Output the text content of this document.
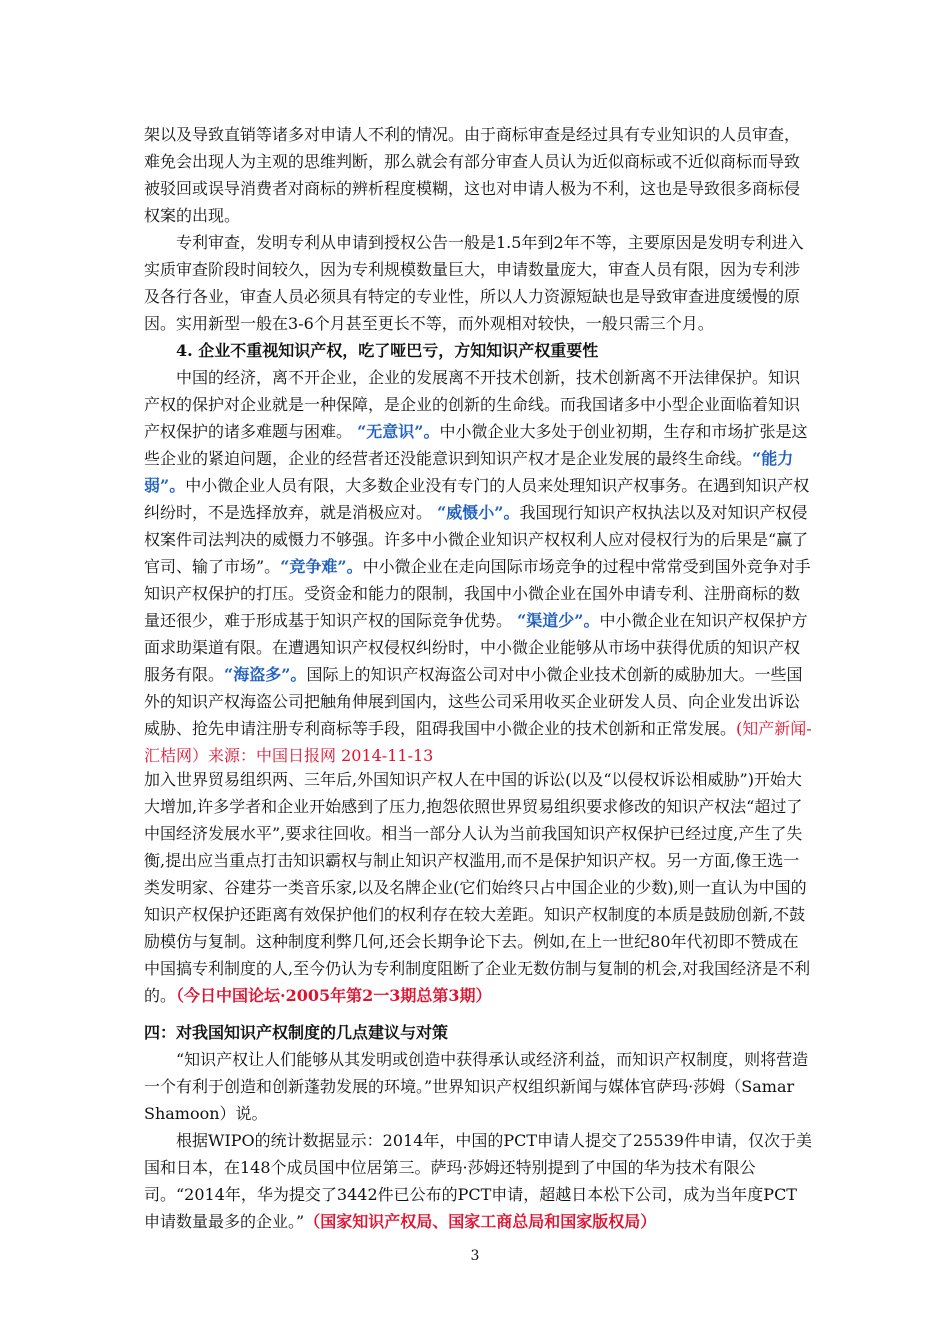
架以及导致直销等诸多对申请人不利的情况。由于商标审查是经过具有专业知识的人员审查，难免会出现人为主观的思维判断，那么就会有部分审查人员认为近似商标或不近似商标而导致被驳回或误导消费者对商标的辨析程度模糊，这也对申请人极为不利，这也是导致很多商标侵权案的出现。

专利审查，发明专利从申请到授权公告一般是1.5年到2年不等，主要原因是发明专利进入实质审查阶段时间较久，因为专利规模数量巨大，申请数量庞大，审查人员有限，因为专利涉及各行各业，审查人员必须具有特定的专业性，所以人力资源短缺也是导致审查进度缓慢的原因。实用新型一般在3-6个月甚至更长不等，而外观相对较快，一般只需三个月。

4. 企业不重视知识产权，吃了哑巴亏，方知知识产权重要性

中国的经济，离不开企业，企业的发展离不开技术创新，技术创新离不开法律保护。知识产权的保护对企业就是一种保障，是企业的创新的生命线。而我国诸多中小型企业面临着知识产权保护的诸多难题与困难。 “无意识”。中小微企业大多处于创业初期，生存和市场扩张是这些企业的紧迫问题，企业的经营者还没能意识到知识产权才是企业发展的最终生命线。“能力弱”。中小微企业人员有限，大多数企业没有专门的人员来处理知识产权事务。在遇到知识产权纠纷时，不是选择放弃，就是消极应对。 “威慑小”。我国现行知识产权执法以及对知识产权侵权案件司法判决的威慑力不够强。许多中小微企业知识产权权利人应对侵权行为的后果是“赢了官司、输了市场”。“竞争难”。中小微企业在走向国际市场竞争的过程中常常受到国外竞争对手知识产权保护的打压。受资金和能力的限制，我国中小微企业在国外申请专利、注册商标的数量还很少，难于形成基于知识产权的国际竞争优势。 “渠道少”。中小微企业在知识产权保护方面求助渠道有限。在遭遇知识产权侵权纠纷时，中小微企业能够从市场中获得优质的知识产权服务有限。“海盗多”。国际上的知识产权海盗公司对中小微企业技术创新的威胁加大。一些国外的知识产权海盗公司把触角伸展到国内，这些公司采用收买企业研发人员、向企业发出诉讼威胁、抢先申请注册专利商标等手段，阻碍我国中小微企业的技术创新和正常发展。(知产新闻-汇桔网）来源：中国日报网 2014-11-13

加入世界贸易组织两、三年后,外国知识产权人在中国的诉讼(以及“以侵权诉讼相威胁”)开始大大增加,许多学者和企业开始感到了压力,抱怨依照世界贸易组织要求修改的知识产权法“超过了中国经济发展水平”,要求往回收。相当一部分人认为当前我国知识产权保护已经过度,产生了失衡,提出应当重点打击知识霸权与制止知识产权滥用,而不是保护知识产权。另一方面,像王选一类发明家、谷建芬一类音乐家,以及名牌企业(它们始终只占中国企业的少数),则一直认为中国的知识产权保护还距离有效保护他们的权利存在较大差距。知识产权制度的本质是鼓励创新,不鼓励模仿与复制。这种制度利弊几何,还会长期争论下去。例如,在上一世纪80年代初即不赞成在中国搞专利制度的人,至今仍认为专利制度阻断了企业无数仿制与复制的机会,对我国经济是不利的。（今日中国论坛·2005年第2一3期总第3期）

四：对我国知识产权制度的几点建议与对策

“知识产权让人们能够从其发明或创造中获得承认或经济利益，而知识产权制度，则将营造一个有利于创造和创新蓬勃发展的环境。”世界知识产权组织新闻与媒体官萨玛·莎姆（Samar Shamoon）说。

根据WIPO的统计数据显示：2014年，中国的PCT申请人提交了25539件申请，仅次于美国和日本，在148个成员国中位居第三。萨玛·莎姆还特别提到了中国的华为技术有限公司。“2014年，华为提交了3442件已公布的PCT申请，超越日本松下公司，成为当年度PCT申请数量最多的企业。”（国家知识产权局、国家工商总局和国家版权局）

3
